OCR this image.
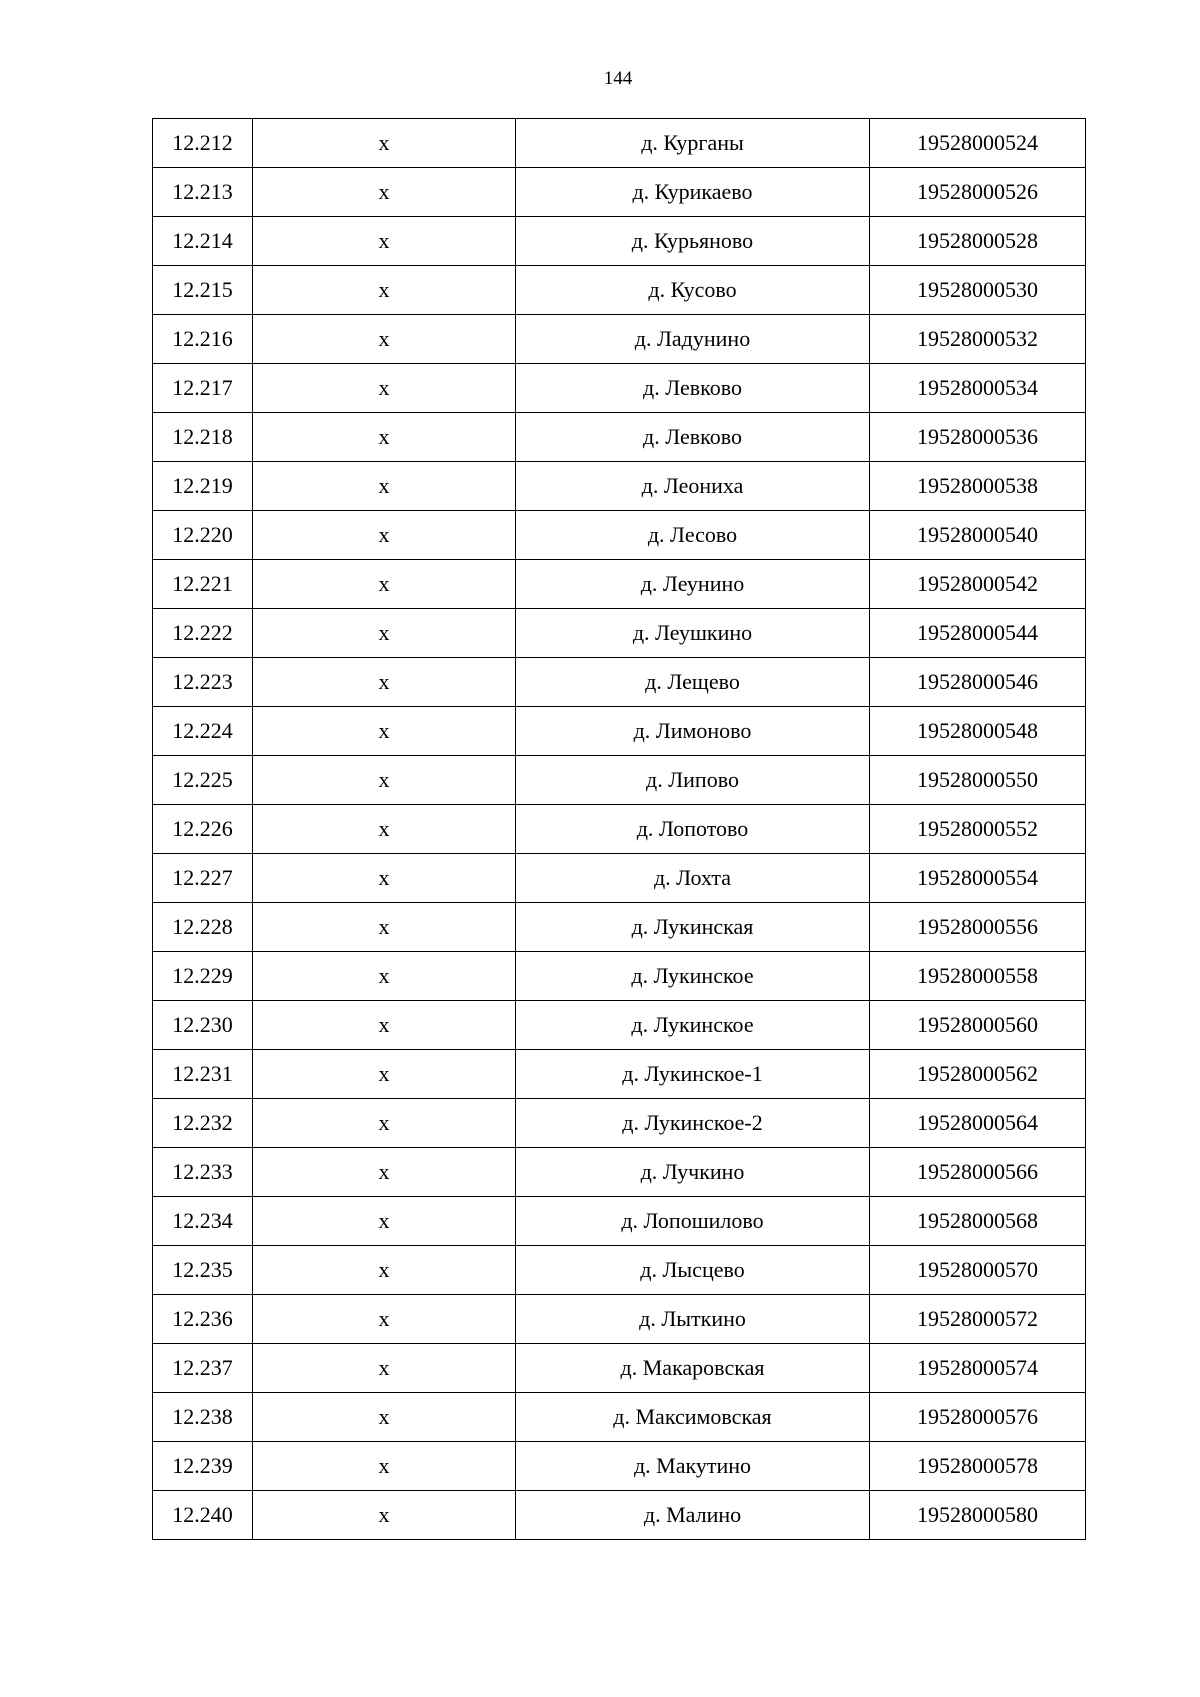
144
12.212	х	д. Курганы	19528000524
12.213	х	д. Курикаево	19528000526
12.214	х	д. Курьяново	19528000528
12.215	х	д. Кусово	19528000530
12.216	х	д. Ладунино	19528000532
12.217	х	д. Левково	19528000534
12.218	х	д. Левково	19528000536
12.219	х	д. Леониха	19528000538
12.220	х	д. Лесово	19528000540
12.221	х	д. Леунино	19528000542
12.222	х	д. Леушкино	19528000544
12.223	х	д. Лещево	19528000546
12.224	х	д. Лимоново	19528000548
12.225	х	д. Липово	19528000550
12.226	х	д. Лопотово	19528000552
12.227	х	д. Лохта	19528000554
12.228	х	д. Лукинская	19528000556
12.229	х	д. Лукинское	19528000558
12.230	х	д. Лукинское	19528000560
12.231	х	д. Лукинское-1	19528000562
12.232	х	д. Лукинское-2	19528000564
12.233	х	д. Лучкино	19528000566
12.234	х	д. Лопошилово	19528000568
12.235	х	д. Лысцево	19528000570
12.236	х	д. Лыткино	19528000572
12.237	х	д. Макаровская	19528000574
12.238	х	д. Максимовская	19528000576
12.239	х	д. Макутино	19528000578
12.240	х	д. Малино	19528000580
